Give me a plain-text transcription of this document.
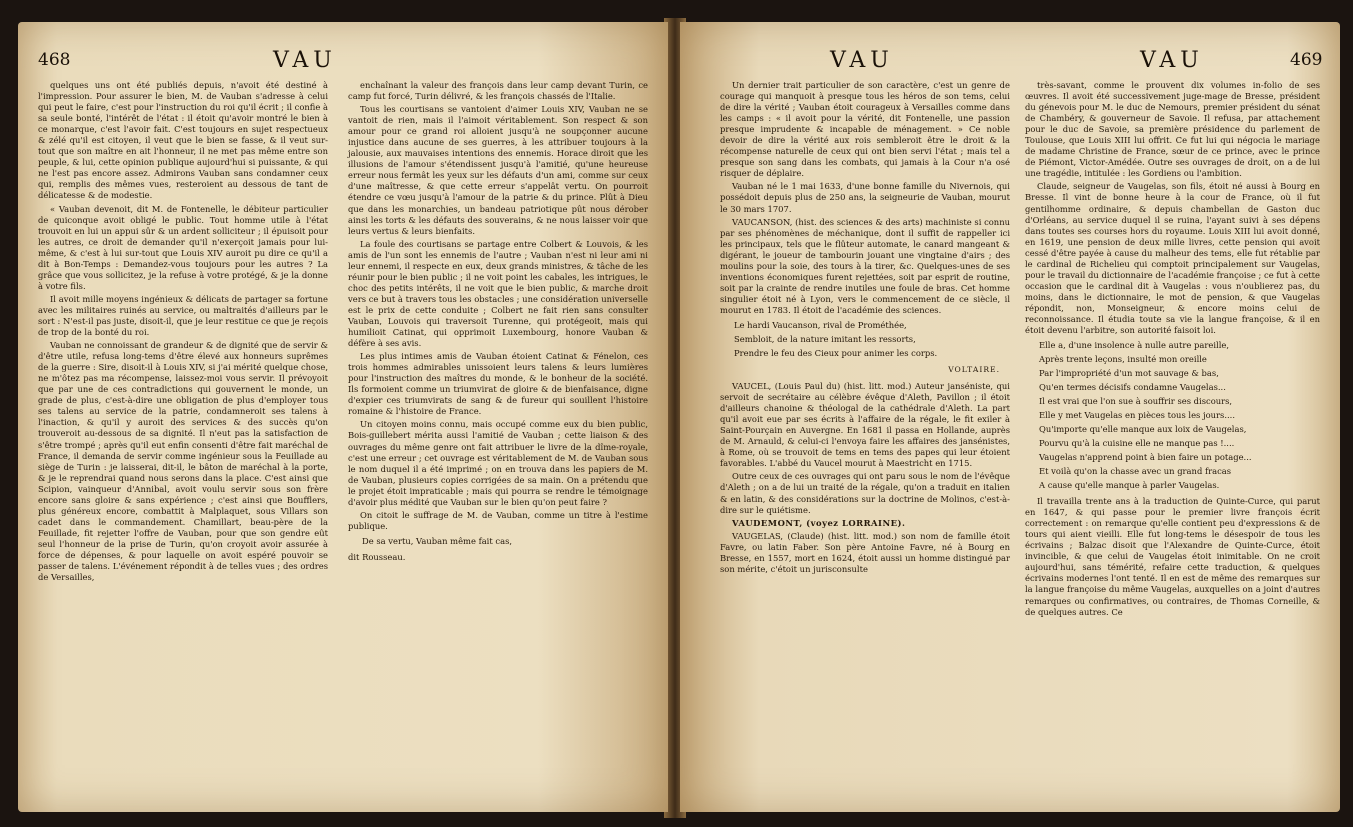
468	VAU

quelques uns ont été publiés depuis, n'avoit été destiné à l'impression. Pour assurer le bien, M. de Vauban s'adresse à celui qui peut le faire, c'est pour l'instruction du roi qu'il écrit ; il confie à sa seule bonté, l'intérêt de l'état : il étoit qu'avoir montré le bien à ce monarque, c'est l'avoir fait. C'est toujours en sujet respectueux & zélé qu'il est citoyen, il veut que le bien se fasse, & il veut sur-tout que son maître en ait l'honneur, il ne met pas même entre son peuple, & lui, cette opinion publique aujourd'hui si puissante, & qui ne l'est pas encore assez. Admirons Vauban sans condamner ceux qui, remplis des mêmes vues, resteroient au dessous de tant de délicatesse & de modestie.

« Vauban devenoit, dit M. de Fontenelle, le débiteur particulier de quiconque avoit obligé le public. Tout homme utile à l'état trouvoit en lui un appui sûr & un ardent solliciteur ; il épuisoit pour les autres, ce droit de demander qu'il n'exerçoit jamais pour lui-même, & c'est à lui sur-tout que Louis XIV auroit pu dire ce qu'il a dit à Bon-Temps : Demandez-vous toujours pour les autres ? La grâce que vous sollicitez, je la refuse à votre protégé, & je la donne à votre fils.

Il avoit mille moyens ingénieux & délicats de partager sa fortune avec les militaires ruinés au service, ou maltraités d'ailleurs par le sort : N'est-il pas juste, disoit-il, que je leur restitue ce que je reçois de trop de la bonté du roi.

Vauban ne connoissant de grandeur & de dignité que de servir & d'être utile, refusa long-tems d'être élevé aux honneurs suprêmes de la guerre : Sire, disoit-il à Louis XIV, si j'ai mérité quelque chose, ne m'ôtez pas ma récompense, laissez-moi vous servir. Il prévoyoit que par une de ces contradictions qui gouvernent le monde, un grade de plus, c'est-à-dire une obligation de plus d'employer tous ses talens au service de la patrie, condamneroit ses talens à l'inaction, & qu'il y auroit des services & des succès qu'on trouveroit au-dessous de sa dignité. Il n'eut pas la satisfaction de s'être trompé ; après qu'il eut enfin consenti d'être fait maréchal de France, il demanda de servir comme ingénieur sous la Feuillade au siège de Turin : je laisserai, dit-il, le bâton de maréchal à la porte, & je le reprendrai quand nous serons dans la place. C'est ainsi que Scipion, vainqueur d'Annibal, avoit voulu servir sous son frère encore sans gloire & sans expérience ; c'est ainsi que Boufflers, plus généreux encore, combattit à Malplaquet, sous Villars son cadet dans le commandement. Chamillart, beau-père de la Feuillade, fit rejetter l'offre de Vauban, pour que son gendre eût seul l'honneur de la prise de Turin, qu'on croyoit avoir assurée à force de dépenses, & pour laquelle on avoit espéré pouvoir se passer de talens. L'événement répondit à de telles vues ; des ordres de Versailles,

enchaînant la valeur des françois dans leur camp devant Turin, ce camp fut forcé, Turin délivré, & les françois chassés de l'Italie.

Tous les courtisans se vantoient d'aimer Louis XIV, Vauban ne se vantoit de rien, mais il l'aimoit véritablement. Son respect & son amour pour ce grand roi alloient jusqu'à ne soupçonner aucune injustice dans aucune de ses guerres, à les attribuer toujours à la jalousie, aux mauvaises intentions des ennemis. Horace diroit que les illusions de l'amour s'étendissent jusqu'à l'amitié, qu'une heureuse erreur nous fermât les yeux sur les défauts d'un ami, comme sur ceux d'une maîtresse, & que cette erreur s'appelât vertu. On pourroit étendre ce vœu jusqu'à l'amour de la patrie & du prince. Plût à Dieu que dans les monarchies, un bandeau patriotique pût nous dérober ainsi les torts & les défauts des souverains, & ne nous laisser voir que leurs vertus & leurs bienfaits.

La foule des courtisans se partage entre Colbert & Louvois, & les amis de l'un sont les ennemis de l'autre ; Vauban n'est ni leur ami ni leur ennemi, il respecte en eux, deux grands ministres, & tâche de les réunir pour le bien public ; il ne voit point les cabales, les intrigues, le choc des petits intérêts, il ne voit que le bien public, & marche droit vers ce but à travers tous les obstacles ; une considération universelle est le prix de cette conduite ; Colbert ne fait rien sans consulter Vauban, Louvois qui traversoit Turenne, qui protégeoit, mais qui humilioit Catinat, qui opprimoit Luxembourg, honore Vauban & défère à ses avis.

Les plus intimes amis de Vauban étoient Catinat & Fénelon, ces trois hommes admirables unissoient leurs talens & leurs lumières pour l'instruction des maîtres du monde, & le bonheur de la société. Ils formoient comme un triumvirat de gloire & de bienfaisance, digne d'expier ces triumvirats de sang & de fureur qui souillent l'histoire romaine & l'histoire de France.

Un citoyen moins connu, mais occupé comme eux du bien public, Bois-guillebert mérita aussi l'amitié de Vauban ; cette liaison & des ouvrages du même genre ont fait attribuer le livre de la dîme-royale, c'est une erreur ; cet ouvrage est véritablement de M. de Vauban sous le nom duquel il a été imprimé ; on en trouva dans les papiers de M. de Vauban, plusieurs copies corrigées de sa main. On a prétendu que le projet étoit impraticable ; mais qui pourra se rendre le témoignage d'avoir plus médité que Vauban sur le bien qu'on peut faire ?

On citoit le suffrage de M. de Vauban, comme un titre à l'estime publique.

De sa vertu, Vauban même fait cas,

dit Rousseau.

VAU	VAU	469

Un dernier trait particulier de son caractère, c'est un genre de courage qui manquoit à presque tous les héros de son tems, celui de dire la vérité ; Vauban étoit courageux à Versailles comme dans les camps : « il avoit pour la vérité, dit Fontenelle, une passion presque imprudente & incapable de ménagement. » Ce noble devoir de dire la vérité aux rois sembleroit être le droit & la récompense naturelle de ceux qui ont bien servi l'état ; mais tel a presque son sang dans les combats, qui jamais à la Cour n'a osé risquer de déplaire.

Vauban né le 1 mai 1633, d'une bonne famille du Nivernois, qui possédoit depuis plus de 250 ans, la seigneurie de Vauban, mourut le 30 mars 1707.

VAUCANSON, (hist. des sciences & des arts) machiniste si connu par ses phénomènes de méchanique, dont il suffit de rappeller ici les principaux, tels que le flûteur automate, le canard mangeant & digérant, le joueur de tambourin jouant une vingtaine d'airs ; des moulins pour la soie, des tours à la tirer, &c. Quelques-unes de ses inventions économiques furent rejettées, soit par esprit de routine, soit par la crainte de rendre inutiles une foule de bras. Cet homme singulier étoit né à Lyon, vers le commencement de ce siècle, il mourut en 1783. Il étoit de l'académie des sciences.

Le hardi Vaucanson, rival de Prométhée,
Sembloit, de la nature imitant les ressorts,
Prendre le feu des Cieux pour animer les corps.
VOLTAIRE.

VAUCEL, (Louis Paul du) (hist. litt. mod.) Auteur janséniste, qui servoit de secrétaire au célèbre évêque d'Aleth, Pavillon ; il étoit d'ailleurs chanoine & théologal de la cathédrale d'Aleth. La part qu'il avoit eue par ses écrits à l'affaire de la régale, le fit exiler à Saint-Pourçain en Auvergne. En 1681 il passa en Hollande, auprès de M. Arnauld, & celui-ci l'envoya faire les affaires des jansénistes, à Rome, où se trouvoit de tems en tems des papes qui leur étoient favorables. L'abbé du Vaucel mourut à Maestricht en 1715.

Outre ceux de ces ouvrages qui ont paru sous le nom de l'évêque d'Aleth ; on a de lui un traité de la régale, qu'on a traduit en italien & en latin, & des considérations sur la doctrine de Molinos, c'est-à-dire sur le quiétisme.

VAUDEMONT, (voyez LORRAINE).

VAUGELAS, (Claude) (hist. litt. mod.) son nom de famille étoit Favre, ou latin Faber. Son père Antoine Favre, né à Bourg en Bresse, en 1557, mort en 1624, étoit aussi un homme distingué par son mérite, c'étoit un jurisconsulte

très-savant, comme le prouvent dix volumes in-folio de ses œuvres. Il avoit été successivement juge-mage de Bresse, président du génevois pour M. le duc de Nemours, premier président du sénat de Chambéry, & gouverneur de Savoie. Il refusa, par attachement pour le duc de Savoie, sa première présidence du parlement de Toulouse, que Louis XIII lui offrit. Ce fut lui qui négocia le mariage de madame Christine de France, sœur de ce prince, avec le prince de Piémont, Victor-Amédée. Outre ses ouvrages de droit, on a de lui une tragédie, intitulée : les Gordiens ou l'ambition.

Claude, seigneur de Vaugelas, son fils, étoit né aussi à Bourg en Bresse. Il vint de bonne heure à la cour de France, où il fut gentilhomme ordinaire, & depuis chambellan de Gaston duc d'Orléans, au service duquel il se ruina, l'ayant suivi à ses dépens dans toutes ses courses hors du royaume. Louis XIII lui avoit donné, en 1619, une pension de deux mille livres, cette pension qui avoit cessé d'être payée à cause du malheur des tems, elle fut rétablie par le cardinal de Richelieu qui comptoit principalement sur Vaugelas, pour le travail du dictionnaire de l'académie françoise ; ce fut à cette occasion que le cardinal dit à Vaugelas : vous n'oublierez pas, du moins, dans le dictionnaire, le mot de pension, & que Vaugelas répondit, non, Monseigneur, & encore moins celui de reconnoissance. Il étudia toute sa vie la langue françoise, & il en étoit devenu l'arbitre, son autorité faisoit loi.

Elle a, d'une insolence à nulle autre pareille,
Après trente leçons, insulté mon oreille
Par l'impropriété d'un mot sauvage & bas,
Qu'en termes décisifs condamne Vaugelas...
Il est vrai que l'on sue à souffrir ses discours,
Elle y met Vaugelas en pièces tous les jours....
Qu'importe qu'elle manque aux loix de Vaugelas,
Pourvu qu'à la cuisine elle ne manque pas !....
Vaugelas n'apprend point à bien faire un potage...
Et voilà qu'on la chasse avec un grand fracas
A cause qu'elle manque à parler Vaugelas.

Il travailla trente ans à la traduction de Quinte-Curce, qui parut en 1647, & qui passe pour le premier livre françois écrit correctement : on remarque qu'elle contient peu d'expressions & de tours qui aient vieilli. Elle fut long-tems le désespoir de tous les écrivains ; Balzac disoit que l'Alexandre de Quinte-Curce, étoit invincible, & que celui de Vaugelas étoit inimitable. On ne croit aujourd'hui, sans témérité, refaire cette traduction, & quelques écrivains modernes l'ont tenté. Il en est de même des remarques sur la langue françoise du même Vaugelas, auxquelles on a joint d'autres remarques ou confirmatives, ou contraires, de Thomas Corneille, & de quelques autres. Ce
